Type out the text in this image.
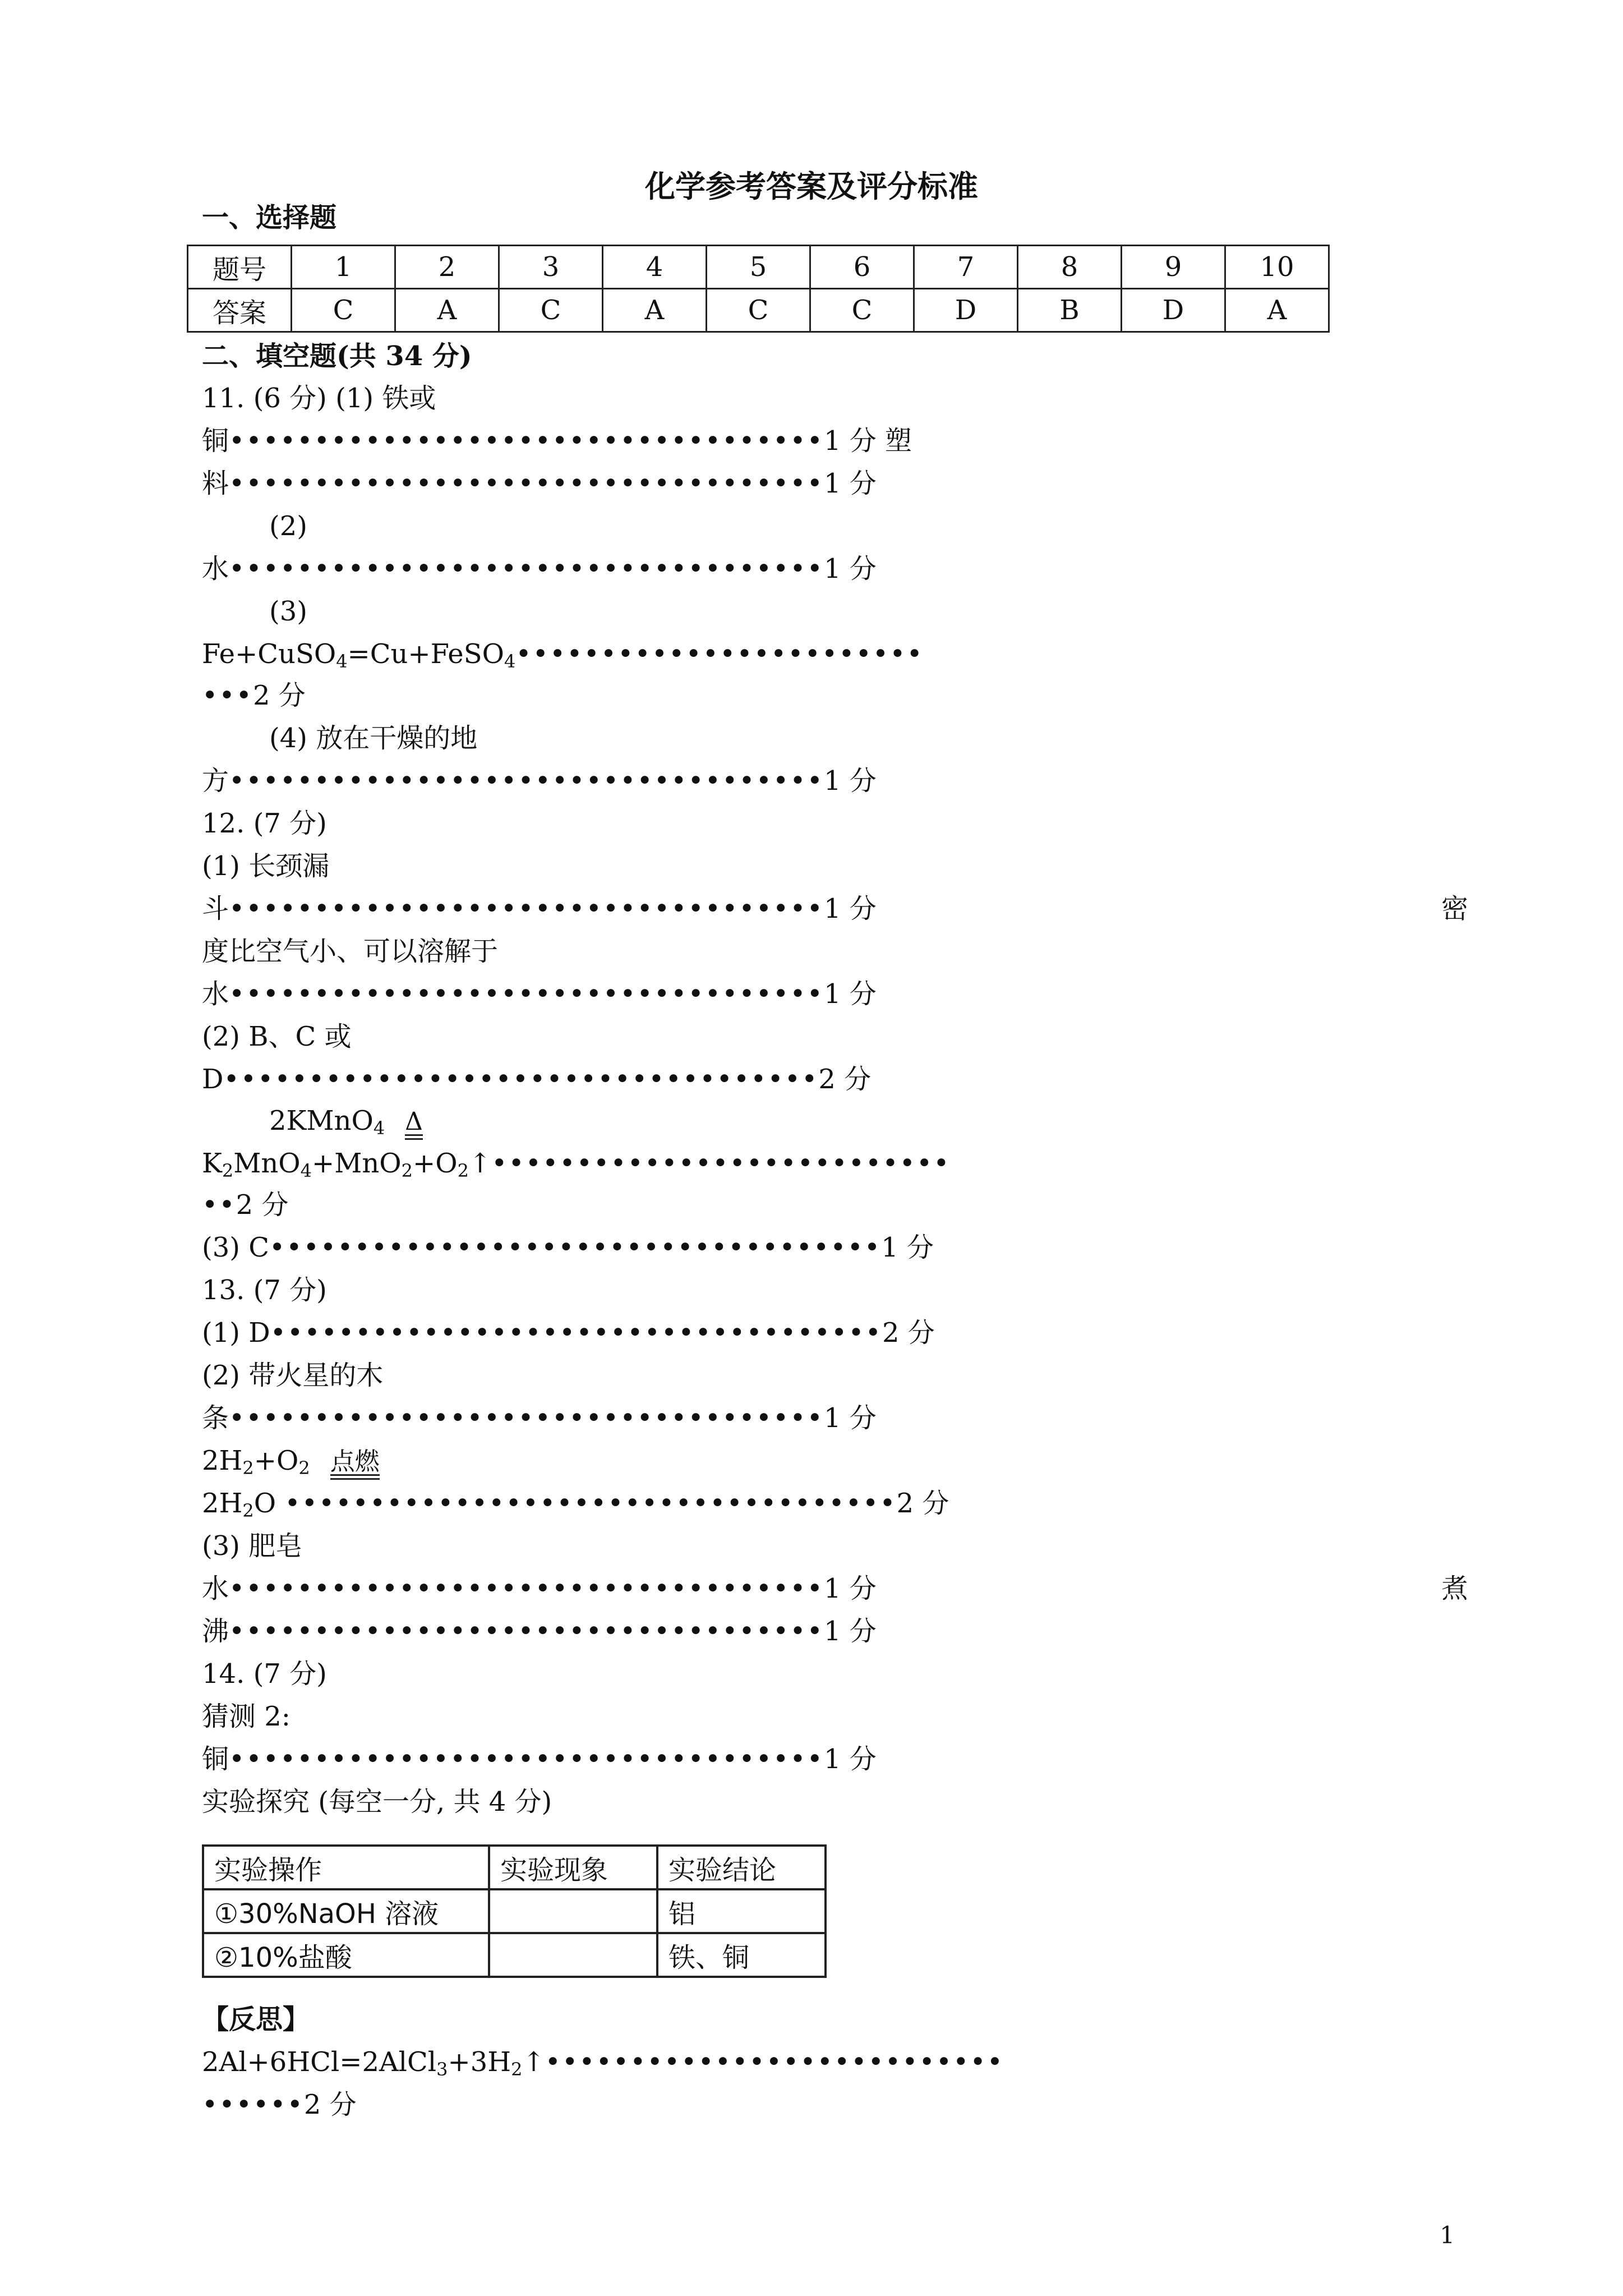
化学参考答案及评分标准
一、选择题
题号	1	2	3	4	5	6	7	8	9	10
答案	C	A	C	A	C	C	D	B	D	A
二、填空题(共 34 分)
11. (6 分) (1) 铁或
铜•••••••••••••••••••••••••••••••••••1 分 塑
料•••••••••••••••••••••••••••••••••••1 分
(2)
水•••••••••••••••••••••••••••••••••••1 分
(3)
Fe+CuSO$_4$=Cu+FeSO$_4$••••••••••••••••••••••••
•••2 分
(4) 放在干燥的地
方•••••••••••••••••••••••••••••••••••1 分
12. (7 分)
(1) 长颈漏
斗•••••••••••••••••••••••••••••••••••1 分	密
度比空气小、可以溶解于
水•••••••••••••••••••••••••••••••••••1 分
(2) B、C 或
D•••••••••••••••••••••••••••••••••••2 分
2KMnO$_4$ Δ
$K_2MnO_4+MnO_2+O_2↑•••••••••••••••••••••••••••$
••2 分
(3) C••••••••••••••••••••••••••••••••••••1 分
13. (7 分)
(1) D••••••••••••••••••••••••••••••••••••2 分
(2) 带火星的木
条•••••••••••••••••••••••••••••••••••1 分
$2H_2+O_2$ 点燃
$2H_2O$ ••••••••••••••••••••••••••••••••••••2 分
(3) 肥皂
水•••••••••••••••••••••••••••••••••••1 分	煮
沸•••••••••••••••••••••••••••••••••••1 分
14. (7 分)
猜测 2:
铜•••••••••••••••••••••••••••••••••••1 分
实验探究 (每空一分, 共 4 分)
实验操作	实验现象	实验结论
①30%NaOH 溶液		铝
②10%盐酸		铁、铜
【反思】
$2Al+6HCl=2AlCl_3+3H_2↑•••••••••••••••••••••••••••$
••••••2 分
1
